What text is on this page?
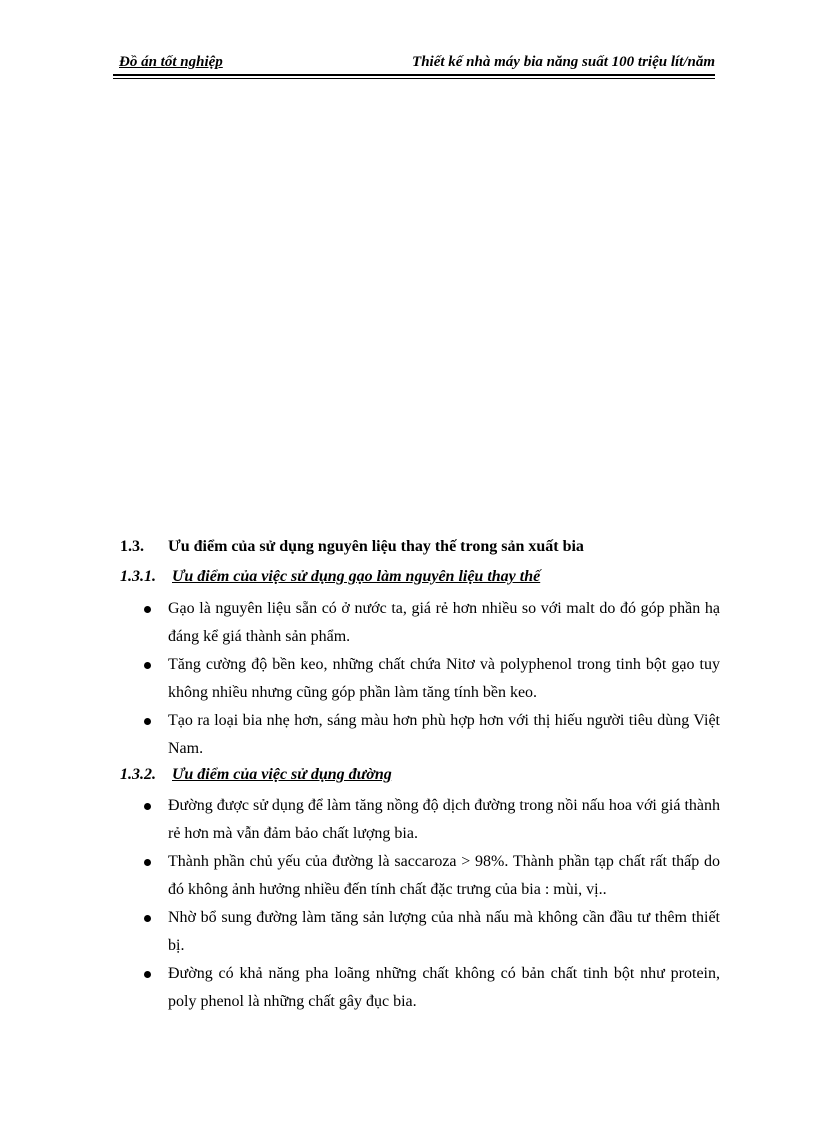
Đồ án tốt nghiệp	Thiết kế nhà máy bia năng suất 100 triệu lít/năm
1.3. Ưu điểm của sử dụng nguyên liệu thay thế trong sản xuất bia
1.3.1. Ưu điểm của việc sử dụng gạo làm nguyên liệu thay thế
Gạo là nguyên liệu sẵn có ở nước ta, giá rẻ hơn nhiều so với malt do đó góp phần hạ đáng kể giá thành sản phẩm.
Tăng cường độ bền keo, những chất chứa Nitơ và polyphenol trong tinh bột gạo tuy không nhiều nhưng cũng góp phần làm tăng tính bền keo.
Tạo ra loại bia nhẹ hơn, sáng màu hơn phù hợp hơn với thị hiếu người tiêu dùng Việt Nam.
1.3.2. Ưu điểm của việc sử dụng đường
Đường được sử dụng để làm tăng nồng độ dịch đường trong nồi nấu hoa với giá thành rẻ hơn mà vẫn đảm bảo chất lượng bia.
Thành phần chủ yếu của đường là saccaroza > 98%. Thành phần tạp chất rất thấp do đó không ảnh hưởng nhiều đến tính chất đặc trưng của bia : mùi, vị..
Nhờ bổ sung đường làm tăng sản lượng của nhà nấu mà không cần đầu tư thêm thiết bị.
Đường có khả năng pha loãng những chất không có bản chất tinh bột như protein, poly phenol là những chất gây đục bia.
